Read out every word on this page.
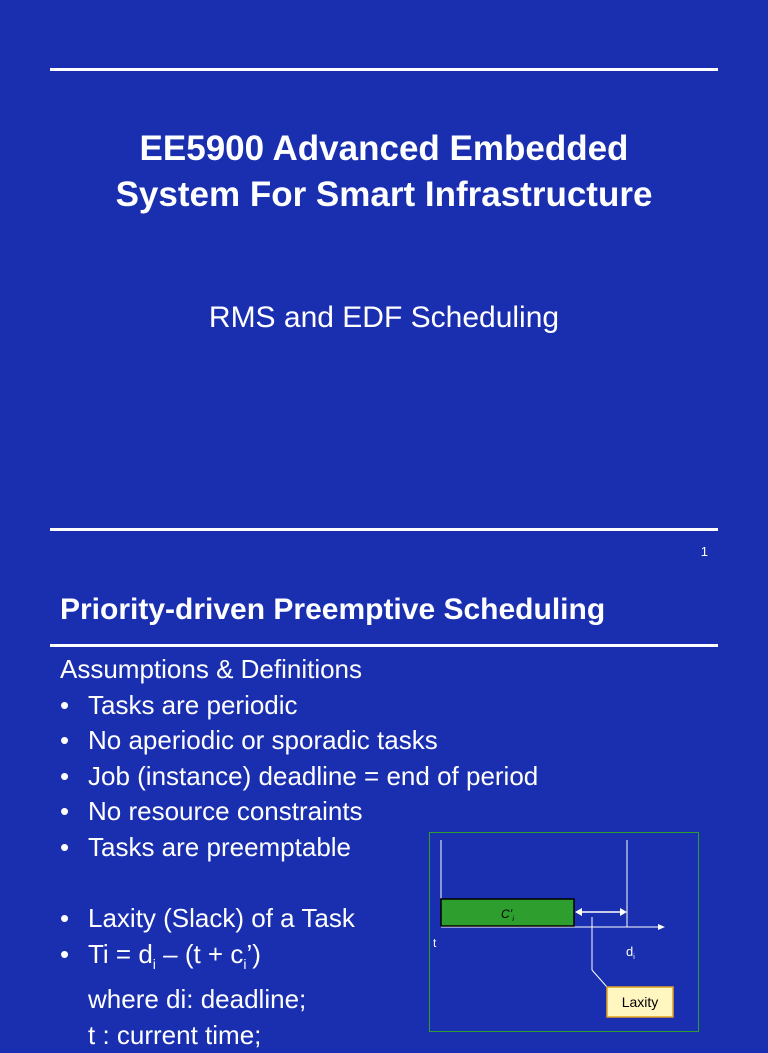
EE5900 Advanced Embedded
System For Smart Infrastructure
RMS and EDF Scheduling
1
Priority-driven Preemptive Scheduling
Assumptions & Definitions
• Tasks are periodic
• No aperiodic or sporadic tasks
• Job (instance) deadline = end of period
• No resource constraints
• Tasks are preemptable
• Laxity (Slack) of a Task
• $Ti = d_i - (t$ + $c_i$’)
where di: deadline;
t : current time;
$C’_i$
t
$d_i$
Laxity
